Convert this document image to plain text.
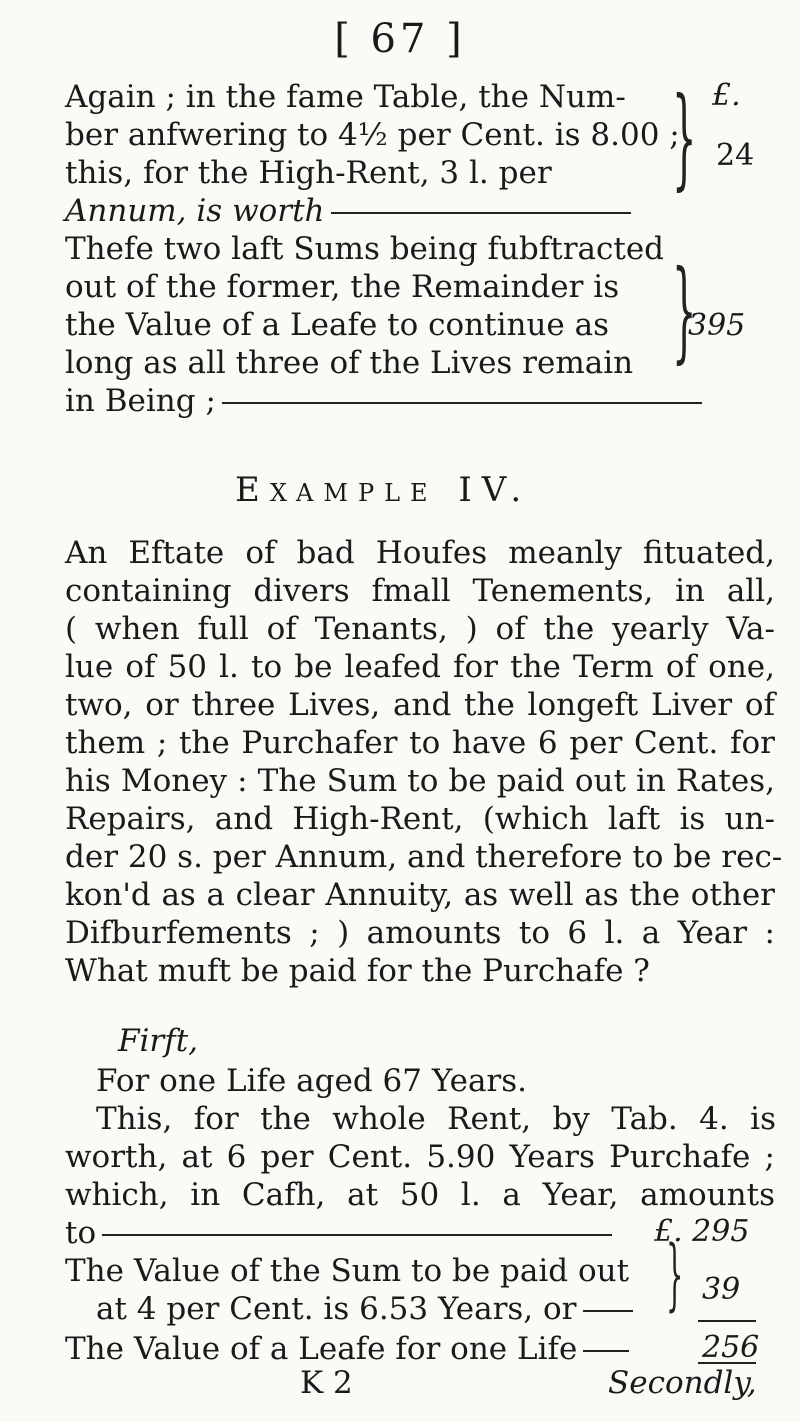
[ 67 ]
Again ; in the fame Table, the Num-
ber anfwering to 4½ per Cent. is 8.00 ;
this, for the High-Rent, 3 l. per
Annum, is worth
} £.
24
Thefe two laft Sums being fubftracted
out of the former, the Remainder is
the Value of a Leafe to continue as
long as all three of the Lives remain
in Being ;
}
395
Example IV.
An Eftate of bad Houfes meanly fituated,
containing divers fmall Tenements, in all,
( when full of Tenants, ) of the yearly Va-
lue of 50 l. to be leafed for the Term of one,
two, or three Lives, and the longeft Liver of
them ; the Purchafer to have 6 per Cent. for
his Money : The Sum to be paid out in Rates,
Repairs, and High-Rent, (which laft is un-
der 20 s. per Annum, and therefore to be rec-
kon'd as a clear Annuity, as well as the other
Difburfements ; ) amounts to 6 l. a Year :
What muft be paid for the Purchafe ?
Firft,
For one Life aged 67 Years.
This, for the whole Rent, by Tab. 4. is
worth, at 6 per Cent. 5.90 Years Purchafe ;
which, in Cafh, at 50 l. a Year, amounts
to	£. 295
The Value of the Sum to be paid out
at 4 per Cent. is 6.53 Years, or	} 39
The Value of a Leafe for one Life	256
K 2	Secondly,
